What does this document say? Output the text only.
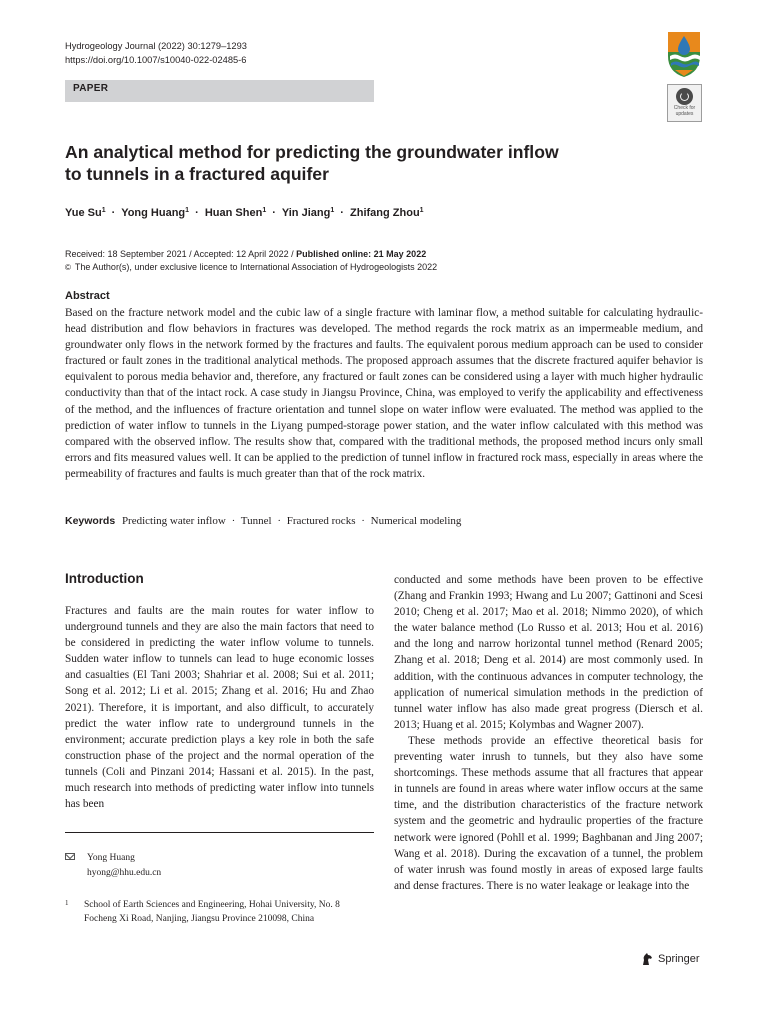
Hydrogeology Journal (2022) 30:1279–1293
https://doi.org/10.1007/s10040-022-02485-6
PAPER
Check for
updates
An analytical method for predicting the groundwater inflow
to tunnels in a fractured aquifer
Yue $Su^1$ · Yong Huang$^1$ · Huan Shen$^1$ · Yin Jiang$^1$ · Zhifang Zhou$^1$
Received: 18 September 2021 / Accepted: 12 April 2022 / Published online: 21 May 2022
© The Author(s), under exclusive licence to International Association of Hydrogeologists 2022
Abstract

Based on the fracture network model and the cubic law of a single fracture with laminar flow, a method suitable for calculating hydraulic-head distribution and flow behaviors in fractures was developed. The method regards the rock matrix as an impermeable medium, and groundwater only flows in the network formed by the fractures and faults. The equivalent porous medium approach can be used to consider fractured or fault zones in the traditional analytical methods. The proposed approach assumes that the discrete fractured aquifer behavior is equivalent to porous media behavior and, therefore, any fractured or fault zones can be considered using a layer with much higher hydraulic conductivity than that of the intact rock. A case study in Jiangsu Province, China, was employed to verify the applicability and effectiveness of the method, and the influences of fracture orientation and tunnel slope on water inflow were evaluated. The method was applied to the prediction of water inflow to tunnels in the Liyang pumped-storage power station, and the water inflow calculated with this method was compared with the observed inflow. The results show that, compared with the traditional methods, the proposed method incurs only small errors and fits measured values well. It can be applied to the prediction of tunnel inflow in fractured rock mass, especially in areas where the permeability of fractures and faults is much greater than that of the rock matrix.

Keywords Predicting water inflow · Tunnel · Fractured rocks · Numerical modeling
Introduction

Fractures and faults are the main routes for water inflow to underground tunnels and they are also the main factors that need to be considered in predicting the water inflow volume to tunnels. Sudden water inflow to tunnels can lead to huge economic losses and casualties (El Tani 2003; Shahriar et al. 2008; Sui et al. 2011; Song et al. 2012; Li et al. 2015; Zhang et al. 2016; Hu and Zhao 2021). Therefore, it is important, and also difficult, to accurately predict the water inflow rate to underground tunnels in the environment; accurate prediction plays a key role in both the safe construction phase of the project and the normal operation of the tunnels (Coli and Pinzani 2014; Hassani et al. 2015). In the past, much research into methods of predicting water inflow into tunnels has been

conducted and some methods have been proven to be effective (Zhang and Frankin 1993; Hwang and Lu 2007; Gattinoni and Scesi 2010; Cheng et al. 2017; Mao et al. 2018; Nimmo 2020), of which the water balance method (Lo Russo et al. 2013; Hou et al. 2016) and the long and narrow horizontal tunnel method (Renard 2005; Zhang et al. 2018; Deng et al. 2014) are most commonly used. In addition, with the continuous advances in computer technology, the application of numerical simulation methods in the prediction of tunnel water inflow has also made great progress (Diersch et al. 2013; Huang et al. 2015; Kolymbas and Wagner 2007).

These methods provide an effective theoretical basis for preventing water inrush to tunnels, but they also have some shortcomings. These methods assume that all fractures that appear in tunnels are found in areas where water inflow occurs at the same time, and the distribution characteristics of the fracture network system and the geometric and hydraulic properties of the fracture network were ignored (Pohll et al. 1999; Baghbanan and Jing 2007; Wang et al. 2018). During the excavation of a tunnel, the problem of water inrush was found mostly in areas of exposed large faults and dense fractures. There is no water leakage or leakage into the

Yong Huang
hyong@hhu.edu.cn
1 School of Earth Sciences and Engineering, Hohai University, No. 8 Focheng Xi Road, Nanjing, Jiangsu Province 210098, China
Springer
